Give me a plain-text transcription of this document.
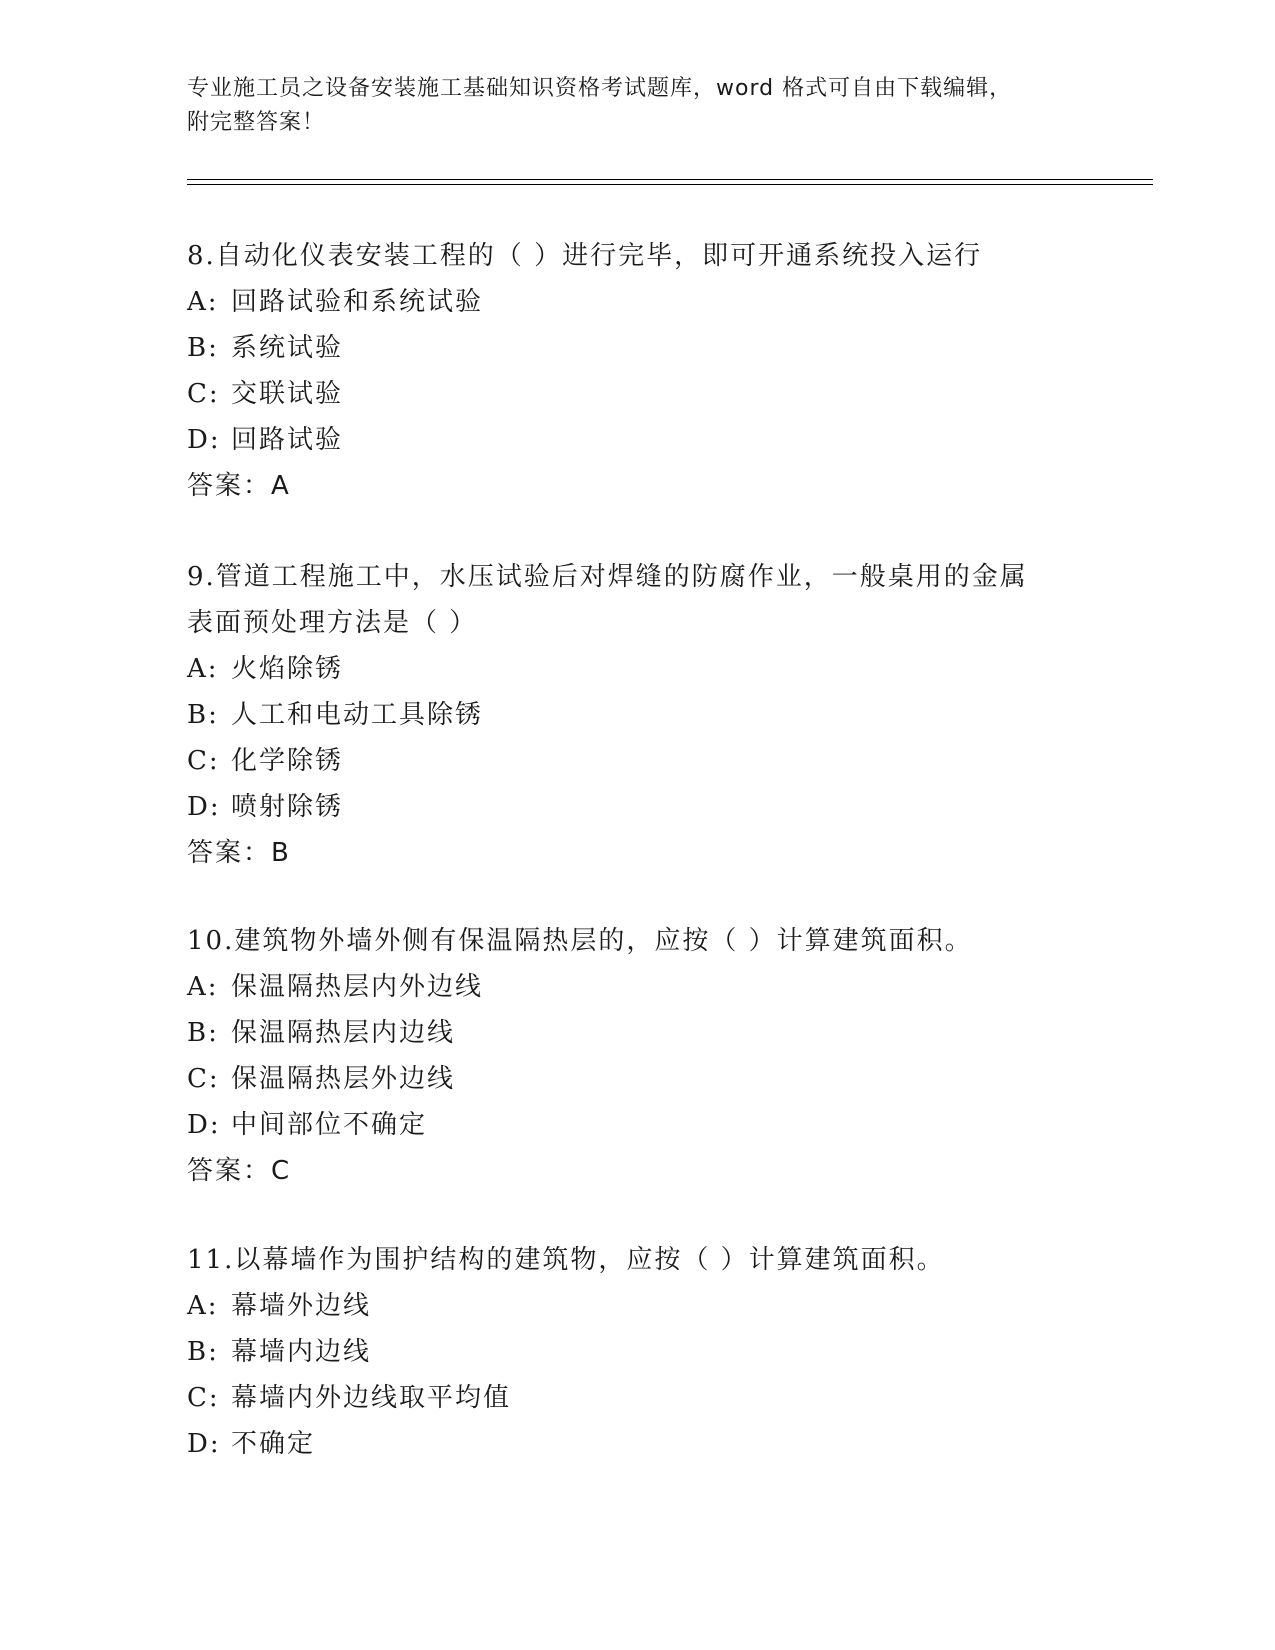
专业施工员之设备安装施工基础知识资格考试题库，word 格式可自由下载编辑，
附完整答案！
8.自动化仪表安装工程的（ ）进行完毕，即可开通系统投入运行
A: 回路试验和系统试验
B: 系统试验
C: 交联试验
D: 回路试验
答案：A
9.管道工程施工中，水压试验后对焊缝的防腐作业，一般桌用的金属
表面预处理方法是（ ）
A: 火焰除锈
B: 人工和电动工具除锈
C: 化学除锈
D: 喷射除锈
答案：B
10.建筑物外墙外侧有保温隔热层的，应按（ ）计算建筑面积。
A: 保温隔热层内外边线
B: 保温隔热层内边线
C: 保温隔热层外边线
D: 中间部位不确定
答案：C
11.以幕墙作为围护结构的建筑物，应按（ ）计算建筑面积。
A: 幕墙外边线
B: 幕墙内边线
C: 幕墙内外边线取平均值
D: 不确定
